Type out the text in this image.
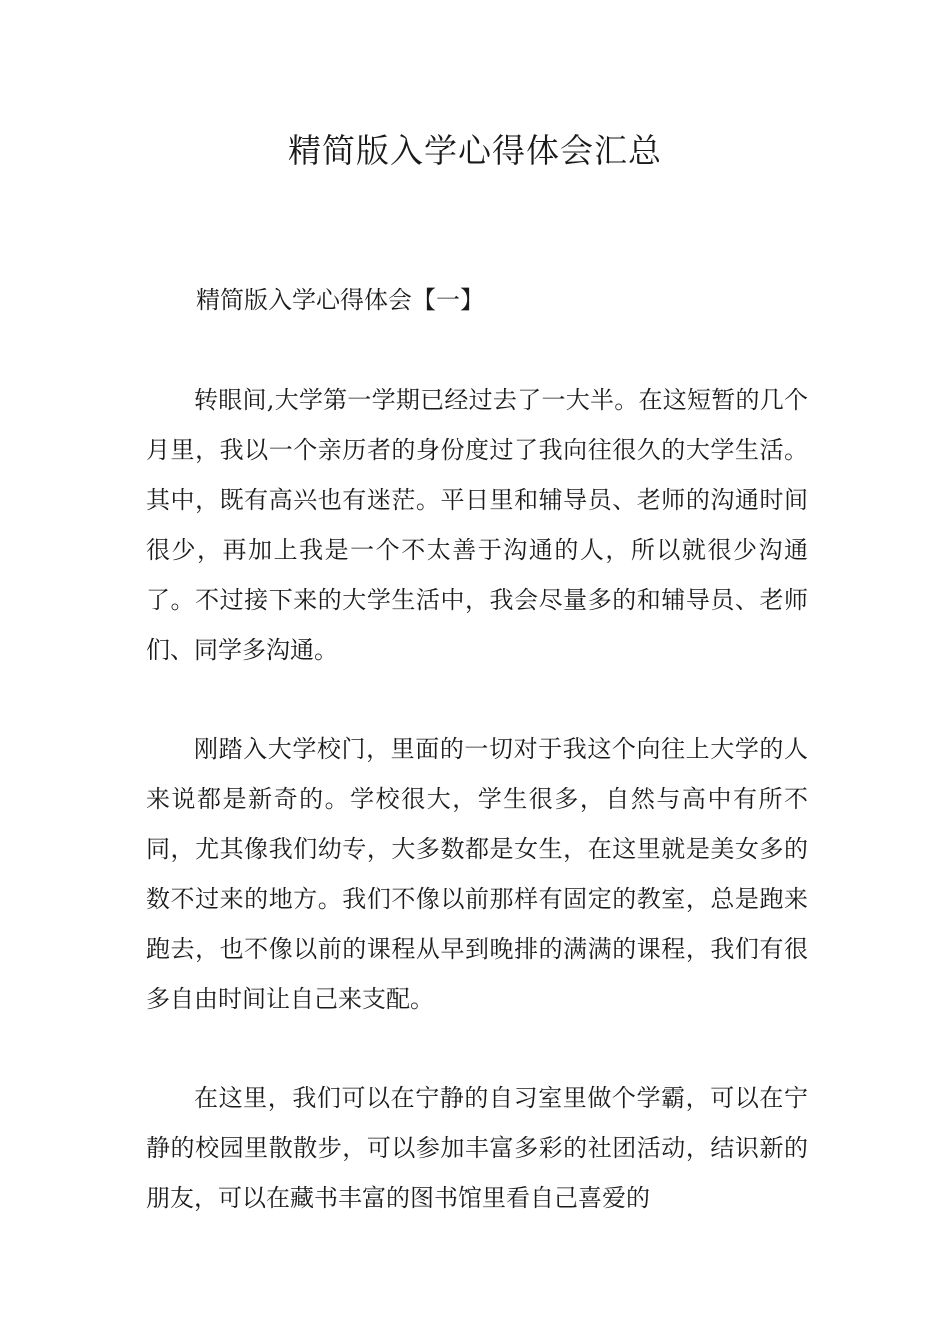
精简版入学心得体会汇总
精简版入学心得体会【一】

转眼间,大学第一学期已经过去了一大半。在这短暂的几个月里，我以一个亲历者的身份度过了我向往很久的大学生活。其中，既有高兴也有迷茫。平日里和辅导员、老师的沟通时间很少，再加上我是一个不太善于沟通的人，所以就很少沟通了。不过接下来的大学生活中，我会尽量多的和辅导员、老师们、同学多沟通。

刚踏入大学校门，里面的一切对于我这个向往上大学的人来说都是新奇的。学校很大，学生很多，自然与高中有所不同，尤其像我们幼专，大多数都是女生，在这里就是美女多的数不过来的地方。我们不像以前那样有固定的教室，总是跑来跑去，也不像以前的课程从早到晚排的满满的课程，我们有很多自由时间让自己来支配。

在这里，我们可以在宁静的自习室里做个学霸，可以在宁静的校园里散散步，可以参加丰富多彩的社团活动，结识新的朋友，可以在藏书丰富的图书馆里看自己喜爱的
